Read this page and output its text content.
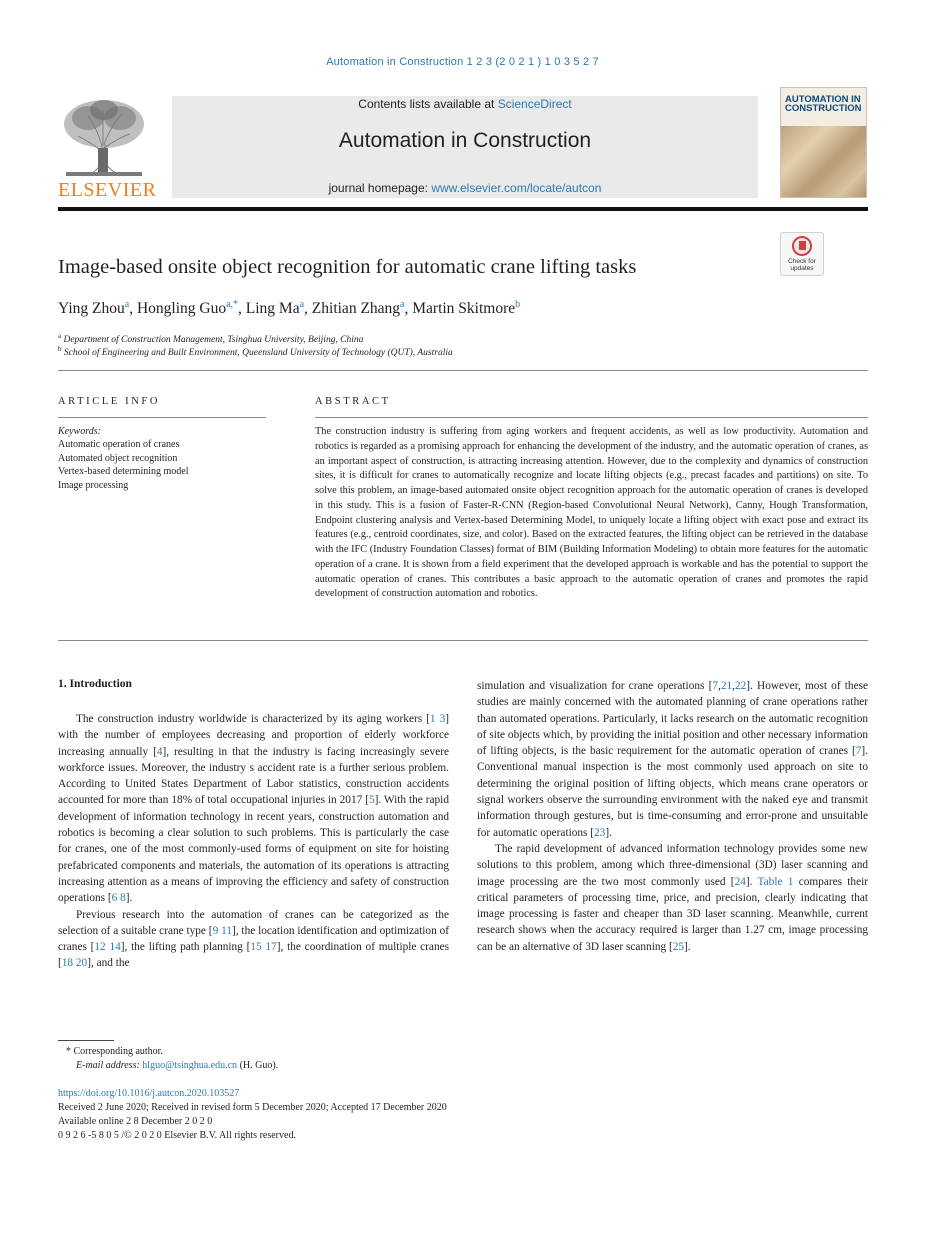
Automation in Construction 1 2 3 (2 0 2 1 ) 1 0 3 5 2 7
ELSEVIER
Contents lists available at ScienceDirect
Automation in Construction
journal homepage: www.elsevier.com/locate/autcon
AUTOMATION IN
CONSTRUCTION
Image-based onsite object recognition for automatic crane lifting tasks	Check for
updates
Ying Zhou$^a$, Hongling Guo$^{a,*}$, Ling Ma$^a$, Zhitian Zhang$^a$, Martin Skitmore$^b$
$^a$ Department of Construction Management, Tsinghua University, Beijing, China
$^b$ School of Engineering and Built Environment, Queensland University of Technology (QUT), Australia
ARTICLE INFO	ABSTRACT
Keywords:
Automatic operation of cranes
Automated object recognition
Vertex-based determining model
Image processing
The construction industry is suffering from aging workers and frequent accidents, as well as low productivity. Automation and robotics is regarded as a promising approach for enhancing the development of the industry, and the automatic operation of cranes, as an important aspect of construction, is attracting increasing attention. However, due to the complexity and dynamics of construction sites, it is difficult for cranes to automatically recognize and locate lifting objects (e.g., precast facades and partitions) on site. To solve this problem, an image-based automated onsite object recognition approach for the automatic operation of cranes is developed in this study. This is a fusion of Faster-R-CNN (Region-based Convolutional Neural Network), Canny, Hough Transformation, Endpoint clustering analysis and Vertex-based Determining Model, to uniquely locate a lifting object with exact pose and extract its features (e.g., centroid coordinates, size, and color). Based on the extracted features, the lifting object can be retrieved in the database with the IFC (Industry Foundation Classes) format of BIM (Building Information Modeling) to obtain more features for the automatic operation of a crane. It is shown from a field experiment that the developed approach is workable and has the potential to support the automatic operation of cranes. This contributes a basic approach to the automatic operation of cranes and promotes the rapid development of construction automation and robotics.
1. Introduction

The construction industry worldwide is characterized by its aging workers [1 3] with the number of employees decreasing and proportion of elderly workforce increasing annually [4], resulting in that the industry is facing increasingly severe workforce issues. Moreover, the industry s accident rate is a further serious problem. According to United States Department of Labor statistics, construction accidents accounted for more than 18% of total occupational injuries in 2017 [5]. With the rapid development of information technology in recent years, construction automation and robotics is becoming a clear solution to such problems. This is particularly the case for cranes, one of the most commonly-used forms of equipment on site for hoisting prefabricated components and materials, the automation of its operations is attracting increasing attention as a means of improving the efficiency and safety of construction operations [6 8].

Previous research into the automation of cranes can be categorized as the selection of a suitable crane type [9 11], the location identification and optimization of cranes [12 14], the lifting path planning [15 17], the coordination of multiple cranes [18 20], and the

simulation and visualization for crane operations [7,21,22]. However, most of these studies are mainly concerned with the automated planning of crane operations rather than automated operations. Particularly, it lacks research on the automatic recognition of site objects which, by providing the initial position and other necessary information of lifting objects, is the basic requirement for the automatic operation of cranes [7]. Conventional manual inspection is the most commonly used approach on site to determining the original position of lifting objects, which means crane operators or signal workers observe the surrounding environment with the naked eye and transmit information through gestures, but is time-consuming and error-prone and unsuitable for automatic operations [23].

The rapid development of advanced information technology provides some new solutions to this problem, among which three-dimensional (3D) laser scanning and image processing are the two most commonly used [24]. Table 1 compares their critical parameters of processing time, price, and precision, clearly indicating that image processing is faster and cheaper than 3D laser scanning. Meanwhile, current research shows when the accuracy required is larger than 1.27 cm, image processing can be an alternative of 3D laser scanning [25].

* Corresponding author.
E-mail address: hlguo@tsinghua.edu.cn (H. Guo).
https://doi.org/10.1016/j.autcon.2020.103527
Received 2 June 2020; Received in revised form 5 December 2020; Accepted 17 December 2020
Available online 2 8 December 2 0 2 0
0 9 2 6 -5 8 0 5 /© 2 0 2 0 Elsevier B.V. All rights reserved.
